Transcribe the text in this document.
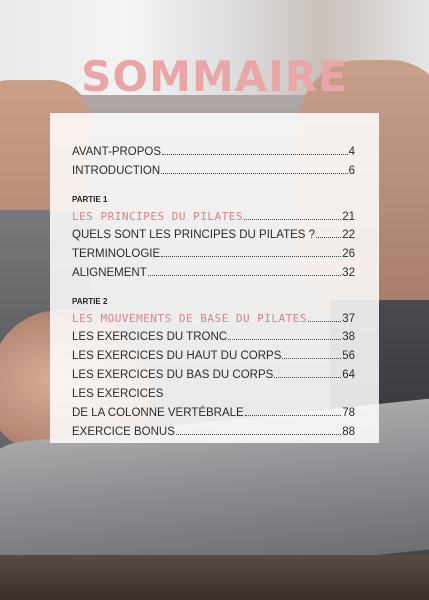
SOMMAIRE
AVANT-PROPOS	4
INTRODUCTION	6
PARTIE 1
LES PRINCIPES DU PILATES	21
QUELS SONT LES PRINCIPES DU PILATES ? 22
TERMINOLOGIE	26
ALIGNEMENT	32
PARTIE 2
LES MOUVEMENTS DE BASE DU PILATES	37
LES EXERCICES DU TRONC	38
LES EXERCICES DU HAUT DU CORPS	56
LES EXERCICES DU BAS DU CORPS	64
LES EXERCICES
DE LA COLONNE VERTÉBRALE	78
EXERCICE BONUS	88
